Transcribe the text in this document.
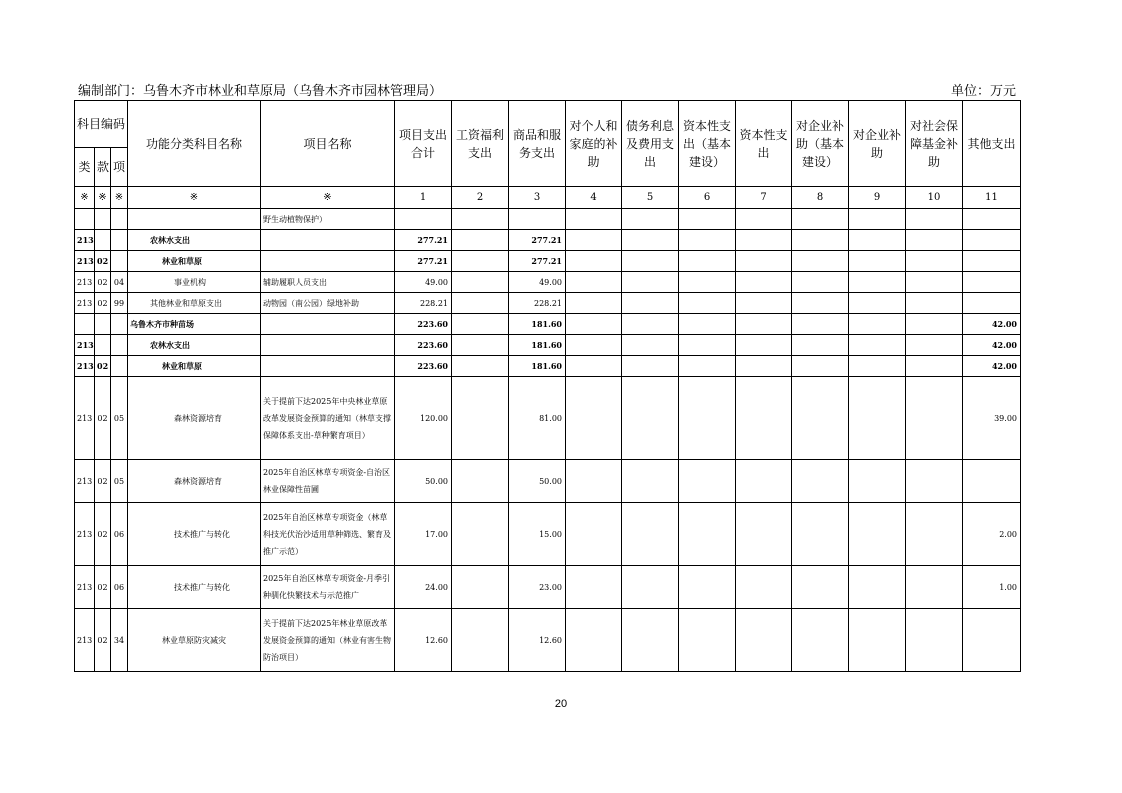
编制部门：乌鲁木齐市林业和草原局（乌鲁木齐市园林管理局）	单位：万元
科目编码			功能分类科目名称	项目名称	项目支出合计	工资福利支出	商品和服务支出	对个人和家庭的补助	债务利息及费用支出	资本性支出（基本建设）	资本性支出	对企业补助（基本建设）	对企业补助	对社会保障基金补助	其他支出
类	款	项													
※	※	※	※	※	1	2	3	4	5	6	7	8	9	10	11
				野生动植物保护）											
213			农林水支出		277.21		277.21								
213	02		林业和草原		277.21		277.21								
213	02	04	事业机构	辅助履职人员支出	49.00		49.00								
213	02	99	其他林业和草原支出	动物园（南公园）绿地补助	228.21		228.21								
			乌鲁木齐市种苗场		223.60		181.60								42.00
213			农林水支出		223.60		181.60								42.00
213	02		林业和草原		223.60		181.60								42.00
213	02	05	森林资源培育	关于提前下达2025年中央林业草原改革发展资金预算的通知（林草支撑保障体系支出-草种繁育项目）	120.00		81.00								39.00
213	02	05	森林资源培育	2025年自治区林草专项资金-自治区林业保障性苗圃	50.00		50.00								
213	02	06	技术推广与转化	2025年自治区林草专项资金（林草科技光伏治沙适用草种筛选、繁育及推广示范）	17.00		15.00								2.00
213	02	06	技术推广与转化	2025年自治区林草专项资金-月季引种驯化快繁技术与示范推广	24.00		23.00								1.00
213	02	34	林业草原防灾减灾	关于提前下达2025年林业草原改革发展资金预算的通知（林业有害生物防治项目）	12.60		12.60								
20
